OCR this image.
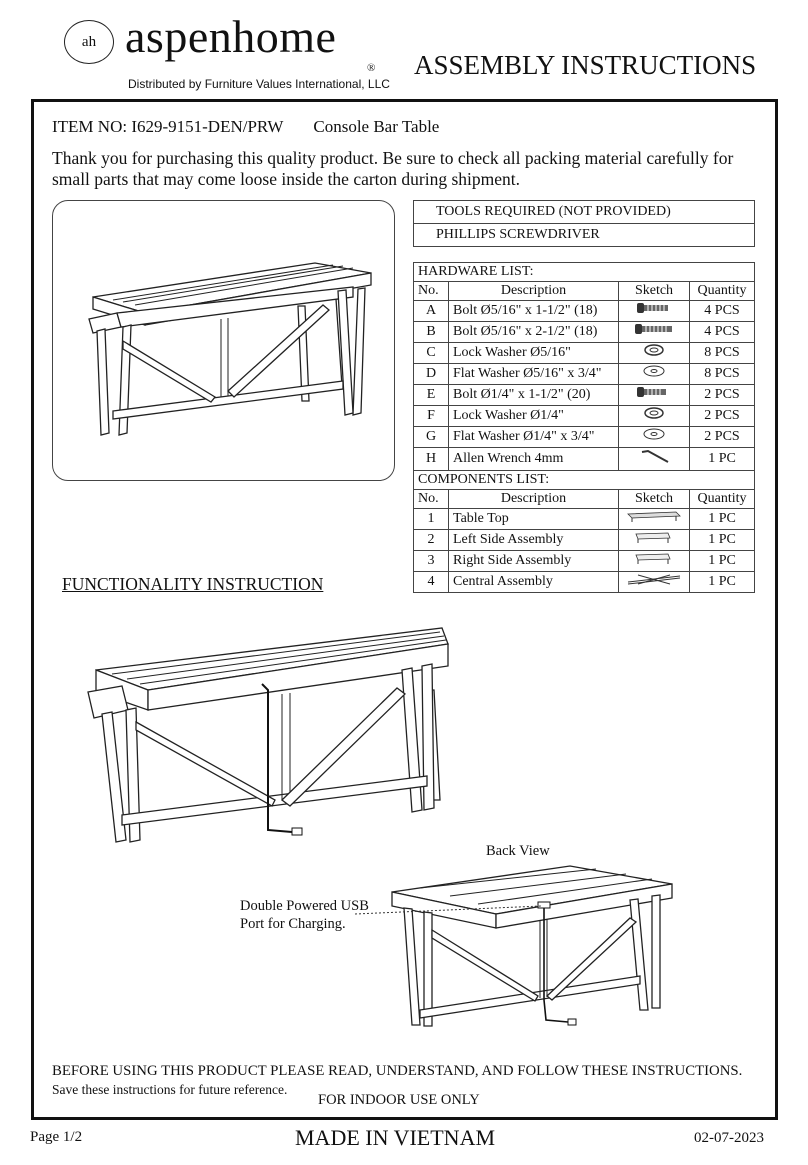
ah aspenhome
®
Distributed by Furniture Values International, LLC
ASSEMBLY INSTRUCTIONS
ITEM NO: I629-9151-DEN/PRW Console Bar Table
Thank you for purchasing this quality product. Be sure to check all packing material carefully for small parts that may come loose inside the carton during shipment.
TOOLS REQUIRED (NOT PROVIDED)
PHILLIPS SCREWDRIVER
HARDWARE LIST:			
No.	Description	Sketch	Quantity
A	Bolt Ø5/16" x 1-1/2" (18)		4 PCS
B	Bolt Ø5/16" x 2-1/2" (18)		4 PCS
C	Lock Washer Ø5/16"		8 PCS
D	Flat Washer Ø5/16" x 3/4"		8 PCS
E	Bolt Ø1/4" x 1-1/2" (20)		2 PCS
F	Lock Washer Ø1/4"		2 PCS
G	Flat Washer Ø1/4" x 3/4"		2 PCS
H	Allen Wrench 4mm		1 PC
COMPONENTS LIST:			
No.	Description	Sketch	Quantity
1	Table Top		1 PC
2	Left Side Assembly		1 PC
3	Right Side Assembly		1 PC
4	Central Assembly		1 PC
FUNCTIONALITY INSTRUCTION
Back View
Double Powered USB
Port for Charging.
BEFORE USING THIS PRODUCT PLEASE READ, UNDERSTAND, AND FOLLOW THESE INSTRUCTIONS.
Save these instructions for future reference.
FOR INDOOR USE ONLY
Page 1/2	MADE IN VIETNAM	02-07-2023
